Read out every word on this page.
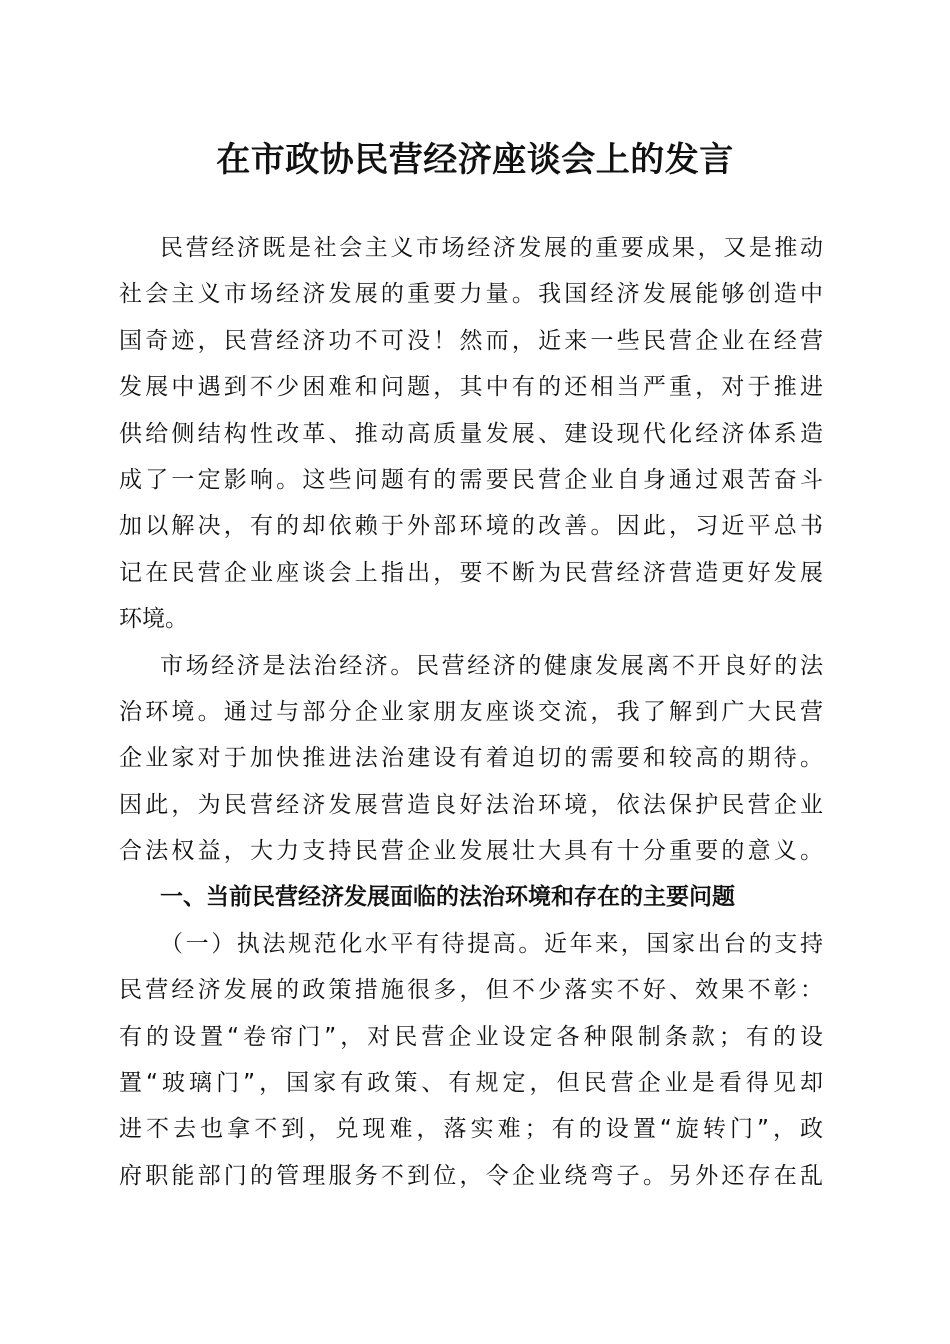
在市政协民营经济座谈会上的发言
民营经济既是社会主义市场经济发展的重要成果，又是推动
社会主义市场经济发展的重要力量。我国经济发展能够创造中
国奇迹，民营经济功不可没！然而，近来一些民营企业在经营
发展中遇到不少困难和问题，其中有的还相当严重，对于推进
供给侧结构性改革、推动高质量发展、建设现代化经济体系造
成了一定影响。这些问题有的需要民营企业自身通过艰苦奋斗
加以解决，有的却依赖于外部环境的改善。因此，习近平总书
记在民营企业座谈会上指出，要不断为民营经济营造更好发展
环境。
市场经济是法治经济。民营经济的健康发展离不开良好的法
治环境。通过与部分企业家朋友座谈交流，我了解到广大民营
企业家对于加快推进法治建设有着迫切的需要和较高的期待。
因此，为民营经济发展营造良好法治环境，依法保护民营企业
合法权益，大力支持民营企业发展壮大具有十分重要的意义。
一、当前民营经济发展面临的法治环境和存在的主要问题
（一）执法规范化水平有待提高。近年来，国家出台的支持
民营经济发展的政策措施很多，但不少落实不好、效果不彰：
有的设置“卷帘门”，对民营企业设定各种限制条款；有的设
置“玻璃门”，国家有政策、有规定，但民营企业是看得见却
进不去也拿不到，兑现难，落实难；有的设置“旋转门”，政
府职能部门的管理服务不到位，令企业绕弯子。另外还存在乱
